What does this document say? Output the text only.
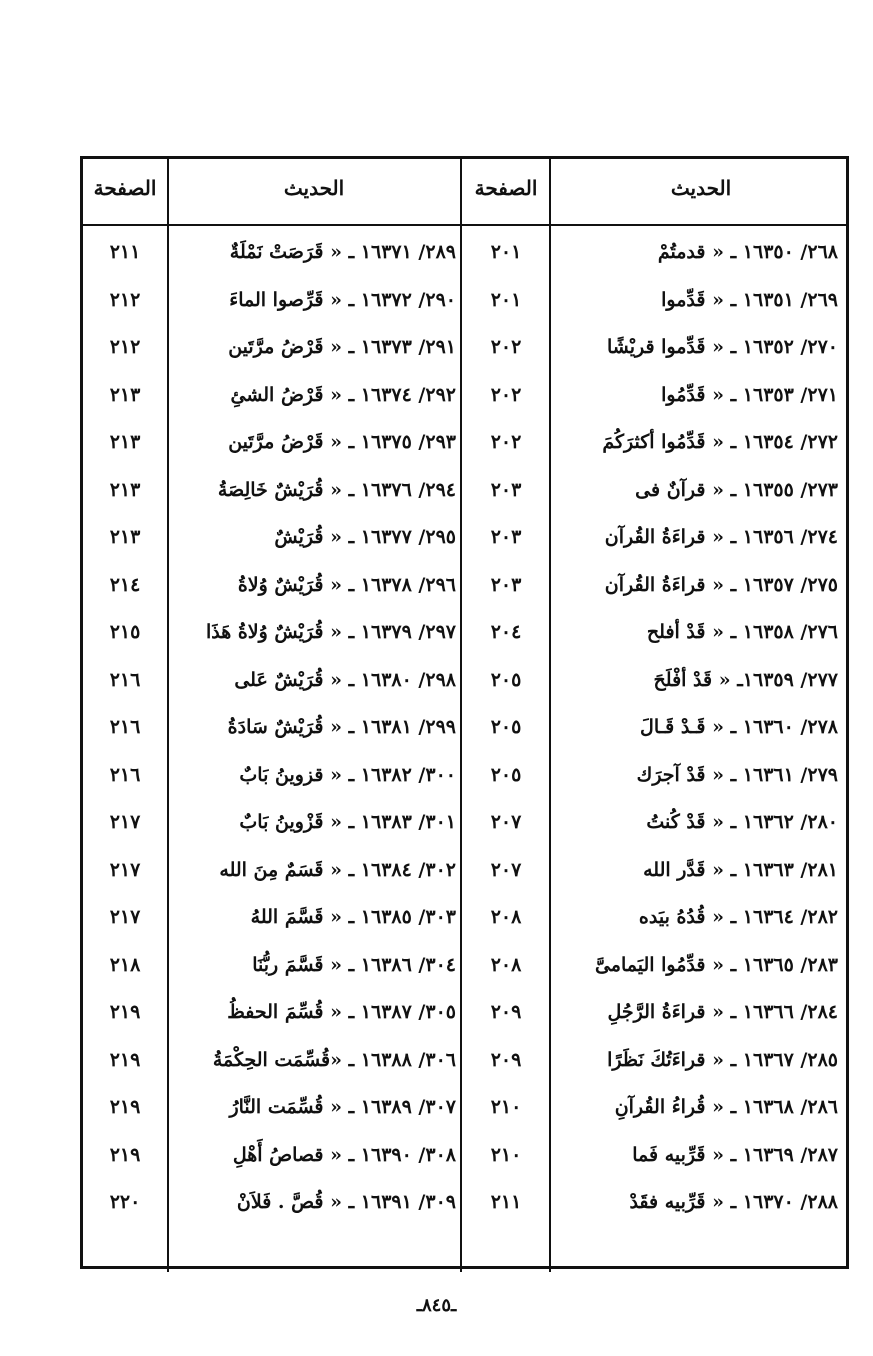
الحديث
الصفحة
الحديث
الصفحة
٢٦٨/ ١٦٣٥٠ ـ « قدمتُمْ
٢٠١
٢٨٩/ ١٦٣٧١ ـ « قَرَصَتْ نَمْلَةٌ
٢١١
٢٦٩/ ١٦٣٥١ ـ « قَدِّموا
٢٠١
٢٩٠/ ١٦٣٧٢ ـ « قَرِّصوا الماءَ
٢١٢
٢٧٠/ ١٦٣٥٢ ـ « قَدِّموا قريْشًا
٢٠٢
٢٩١/ ١٦٣٧٣ ـ « قَرْضُ مرَّتَين
٢١٢
٢٧١/ ١٦٣٥٣ ـ « قَدِّمُوا
٢٠٢
٢٩٢/ ١٦٣٧٤ ـ « قَرْضُ الشئِ
٢١٣
٢٧٢/ ١٦٣٥٤ ـ « قَدِّمُوا أكثرَكُمَ
٢٠٢
٢٩٣/ ١٦٣٧٥ ـ « قَرْضُ مرَّتَين
٢١٣
٢٧٣/ ١٦٣٥٥ ـ « قرآنٌ فى
٢٠٣
٢٩٤/ ١٦٣٧٦ ـ « قُرَيْشٌ خَالِصَةُ
٢١٣
٢٧٤/ ١٦٣٥٦ ـ « قراءَةُ القُرآن
٢٠٣
٢٩٥/ ١٦٣٧٧ ـ « قُرَيْشٌ
٢١٣
٢٧٥/ ١٦٣٥٧ ـ « قراءَةُ القُرآن
٢٠٣
٢٩٦/ ١٦٣٧٨ ـ « قُرَيْشٌ وُلاةُ
٢١٤
٢٧٦/ ١٦٣٥٨ ـ « قَدْ أفلح
٢٠٤
٢٩٧/ ١٦٣٧٩ ـ « قُرَيْشٌ وُلاةُ هَذَا
٢١٥
٢٧٧/ ١٦٣٥٩ـ « قَدْ أفْلَحَ
٢٠٥
٢٩٨/ ١٦٣٨٠ ـ « قُرَيْشٌ عَلى
٢١٦
٢٧٨/ ١٦٣٦٠ ـ « قَـدْ قَـالَ
٢٠٥
٢٩٩/ ١٦٣٨١ ـ « قُرَيْشٌ سَادَةُ
٢١٦
٢٧٩/ ١٦٣٦١ ـ « قَدْ آجرَك
٢٠٥
٣٠٠/ ١٦٣٨٢ ـ « قزوينُ بَابٌ
٢١٦
٢٨٠/ ١٦٣٦٢ ـ « قَدْ كُنتُ
٢٠٧
٣٠١/ ١٦٣٨٣ ـ « قَزْوينُ بَابٌ
٢١٧
٢٨١/ ١٦٣٦٣ ـ « قَدَّر الله
٢٠٧
٣٠٢/ ١٦٣٨٤ ـ « قَسَمٌ مِنَ الله
٢١٧
٢٨٢/ ١٦٣٦٤ ـ « قُدُهُ بيَده
٢٠٨
٣٠٣/ ١٦٣٨٥ ـ « قَسَّمَ اللهُ
٢١٧
٢٨٣/ ١٦٣٦٥ ـ « قدِّمُوا اليَمامىَّ
٢٠٨
٣٠٤/ ١٦٣٨٦ ـ « قَسَّمَ ربُّنَا
٢١٨
٢٨٤/ ١٦٣٦٦ ـ « قراءَةُ الرَّجُلِ
٢٠٩
٣٠٥/ ١٦٣٨٧ ـ « قُسِّمَ الحفظُ
٢١٩
٢٨٥/ ١٦٣٦٧ ـ « قراءَتُكَ نَظَرًا
٢٠٩
٣٠٦/ ١٦٣٨٨ ـ «قُسِّمَت الحِكْمَةُ
٢١٩
٢٨٦/ ١٦٣٦٨ ـ « قُراءُ القُرآنِ
٢١٠
٣٠٧/ ١٦٣٨٩ ـ « قُسِّمَت النَّارُ
٢١٩
٢٨٧/ ١٦٣٦٩ ـ « قَرِّبيه فَما
٢١٠
٣٠٨/ ١٦٣٩٠ ـ « قصاصُ أَهْلِ
٢١٩
٢٨٨/ ١٦٣٧٠ ـ « قَرِّبيه فقَدْ
٢١١
٣٠٩/ ١٦٣٩١ ـ « قُصَّ . فَلاَنْ
٢٢٠
ـ٨٤٥ـ
